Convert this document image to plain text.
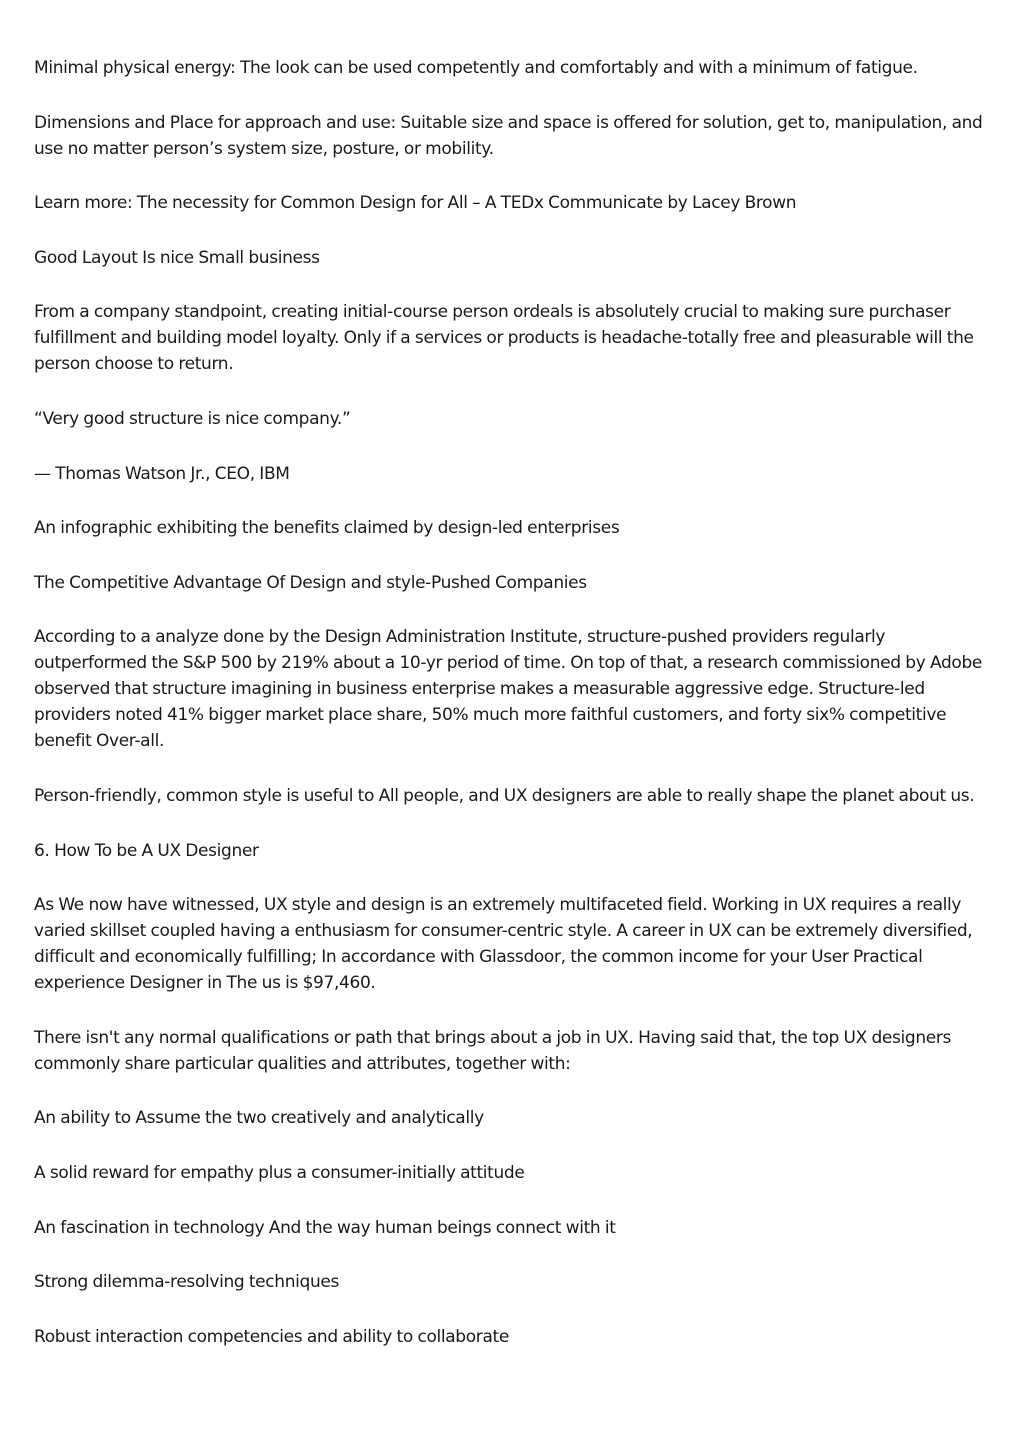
Minimal physical energy: The look can be used competently and comfortably and with a minimum of fatigue.

Dimensions and Place for approach and use: Suitable size and space is offered for solution, get to, manipulation, and use no matter person’s system size, posture, or mobility.

Learn more: The necessity for Common Design for All – A TEDx Communicate by Lacey Brown

Good Layout Is nice Small business

From a company standpoint, creating initial-course person ordeals is absolutely crucial to making sure purchaser fulfillment and building model loyalty. Only if a services or products is headache-totally free and pleasurable will the person choose to return.

“Very good structure is nice company.”

— Thomas Watson Jr., CEO, IBM

An infographic exhibiting the benefits claimed by design-led enterprises

The Competitive Advantage Of Design and style-Pushed Companies

According to a analyze done by the Design Administration Institute, structure-pushed providers regularly outperformed the S&P 500 by 219% about a 10-yr period of time. On top of that, a research commissioned by Adobe observed that structure imagining in business enterprise makes a measurable aggressive edge. Structure-led providers noted 41% bigger market place share, 50% much more faithful customers, and forty six% competitive benefit Over-all.

Person-friendly, common style is useful to All people, and UX designers are able to really shape the planet about us.

6. How To be A UX Designer

As We now have witnessed, UX style and design is an extremely multifaceted field. Working in UX requires a really varied skillset coupled having a enthusiasm for consumer-centric style. A career in UX can be extremely diversified, difficult and economically fulfilling; In accordance with Glassdoor, the common income for your User Practical experience Designer in The us is $97,460.

There isn't any normal qualifications or path that brings about a job in UX. Having said that, the top UX designers commonly share particular qualities and attributes, together with:

An ability to Assume the two creatively and analytically

A solid reward for empathy plus a consumer-initially attitude

An fascination in technology And the way human beings connect with it

Strong dilemma-resolving techniques

Robust interaction competencies and ability to collaborate
